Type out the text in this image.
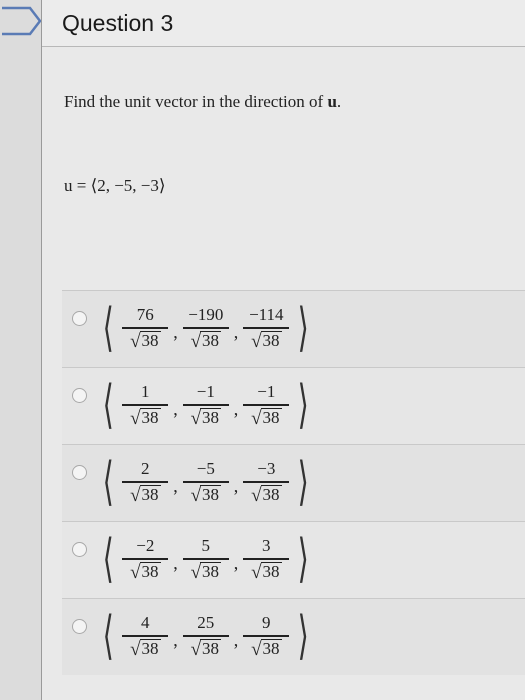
Question 3
Find the unit vector in the direction of u.
u = ⟨2, −5, −3⟩
⟨ $\frac{76}{√ 38}$ , $\frac{-190}{√ 38}$ , $\frac{-114}{√ 38}$ ⟩
⟨ $\frac{1}{√ 38}$ , $\frac{-1}{√ 38}$ , $\frac{-1}{√ 38}$ ⟩
⟨ $\frac{2}{√ 38}$ , $\frac{-5}{√ 38}$ , $\frac{-3}{√ 38}$ ⟩
⟨ $\frac{-2}{√ 38}$ , $\frac{5}{√ 38}$ , $\frac{3}{√ 38}$ ⟩
⟨ $\frac{4}{√ 38}$ , $\frac{25}{√ 38}$ , $\frac{9}{√ 38}$ ⟩
